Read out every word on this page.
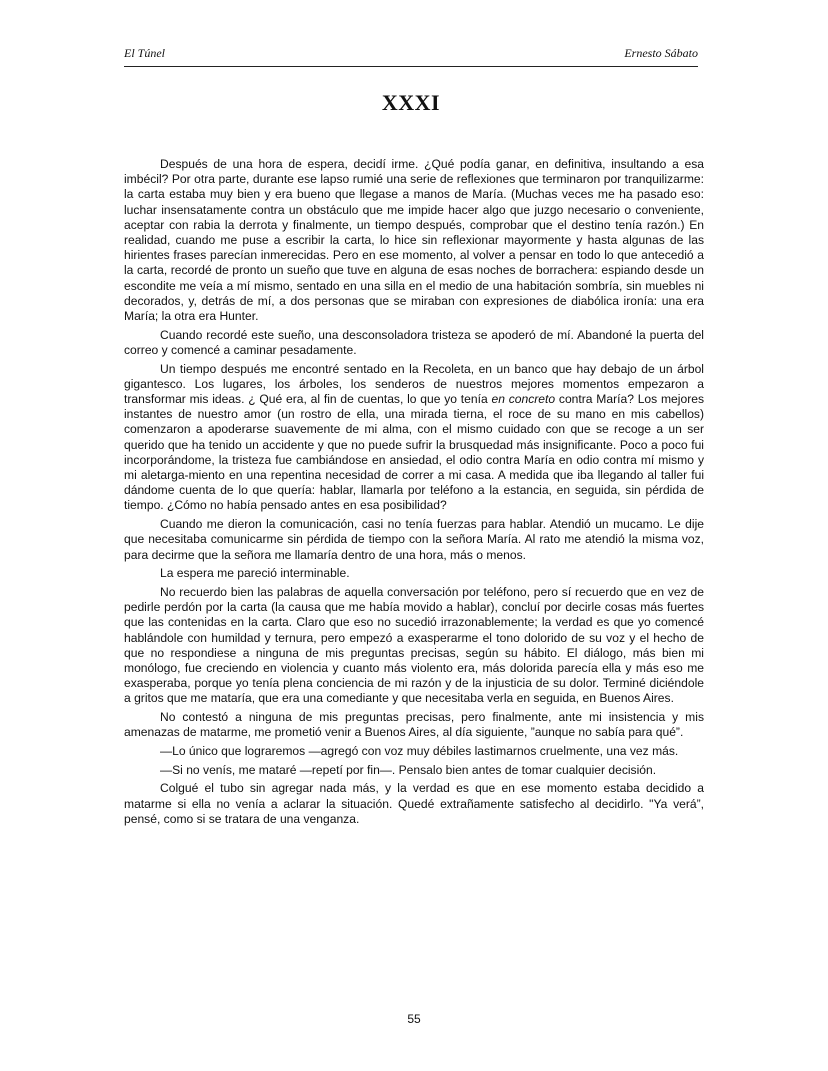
El Túnel	Ernesto Sábato
XXXI

Después de una hora de espera, decidí irme. ¿Qué podía ganar, en definitiva, insultando a esa imbécil? Por otra parte, durante ese lapso rumié una serie de reflexiones que terminaron por tranquilizarme: la carta estaba muy bien y era bueno que llegase a manos de María. (Muchas veces me ha pasado eso: luchar insensatamente contra un obstáculo que me impide hacer algo que juzgo necesario o conveniente, aceptar con rabia la derrota y finalmente, un tiempo después, comprobar que el destino tenía razón.) En realidad, cuando me puse a escribir la carta, lo hice sin reflexionar mayormente y hasta algunas de las hirientes frases parecían inmerecidas. Pero en ese momento, al volver a pensar en todo lo que antecedió a la carta, recordé de pronto un sueño que tuve en alguna de esas noches de borrachera: espiando desde un escondite me veía a mí mismo, sentado en una silla en el medio de una habitación sombría, sin muebles ni decorados, y, detrás de mí, a dos personas que se miraban con expresiones de diabólica ironía: una era María; la otra era Hunter.

Cuando recordé este sueño, una desconsoladora tristeza se apoderó de mí. Abandoné la puerta del correo y comencé a caminar pesadamente.

Un tiempo después me encontré sentado en la Recoleta, en un banco que hay debajo de un árbol gigantesco. Los lugares, los árboles, los senderos de nuestros mejores momentos empezaron a transformar mis ideas. ¿ Qué era, al fin de cuentas, lo que yo tenía en concreto contra María? Los mejores instantes de nuestro amor (un rostro de ella, una mirada tierna, el roce de su mano en mis cabellos) comenzaron a apoderarse suavemente de mi alma, con el mismo cuidado con que se recoge a un ser querido que ha tenido un accidente y que no puede sufrir la brusquedad más insignificante. Poco a poco fui incorporándome, la tristeza fue cambiándose en ansiedad, el odio contra María en odio contra mí mismo y mi aletarga-miento en una repentina necesidad de correr a mi casa. A medida que iba llegando al taller fui dándome cuenta de lo que quería: hablar, llamarla por teléfono a la estancia, en seguida, sin pérdida de tiempo. ¿Cómo no había pensado antes en esa posibilidad?

Cuando me dieron la comunicación, casi no tenía fuerzas para hablar. Atendió un mucamo. Le dije que necesitaba comunicarme sin pérdida de tiempo con la señora María. Al rato me atendió la misma voz, para decirme que la señora me llamaría dentro de una hora, más o menos.

La espera me pareció interminable.

No recuerdo bien las palabras de aquella conversación por teléfono, pero sí recuerdo que en vez de pedirle perdón por la carta (la causa que me había movido a hablar), concluí por decirle cosas más fuertes que las contenidas en la carta. Claro que eso no sucedió irrazonablemente; la verdad es que yo comencé hablándole con humildad y ternura, pero empezó a exasperarme el tono dolorido de su voz y el hecho de que no respondiese a ninguna de mis preguntas precisas, según su hábito. El diálogo, más bien mi monólogo, fue creciendo en violencia y cuanto más violento era, más dolorida parecía ella y más eso me exasperaba, porque yo tenía plena conciencia de mi razón y de la injusticia de su dolor. Terminé diciéndole a gritos que me mataría, que era una comediante y que necesitaba verla en seguida, en Buenos Aires.

No contestó a ninguna de mis preguntas precisas, pero finalmente, ante mi insistencia y mis amenazas de matarme, me prometió venir a Buenos Aires, al día siguiente, ”aunque no sabía para qué”.

—Lo único que lograremos —agregó con voz muy débiles lastimarnos cruelmente, una vez más.

—Si no venís, me mataré —repetí por fin—. Pensalo bien antes de tomar cualquier decisión.

Colgué el tubo sin agregar nada más, y la verdad es que en ese momento estaba decidido a matarme si ella no venía a aclarar la situación. Quedé extrañamente satisfecho al decidirlo. "Ya verá”, pensé, como si se tratara de una venganza.

55
